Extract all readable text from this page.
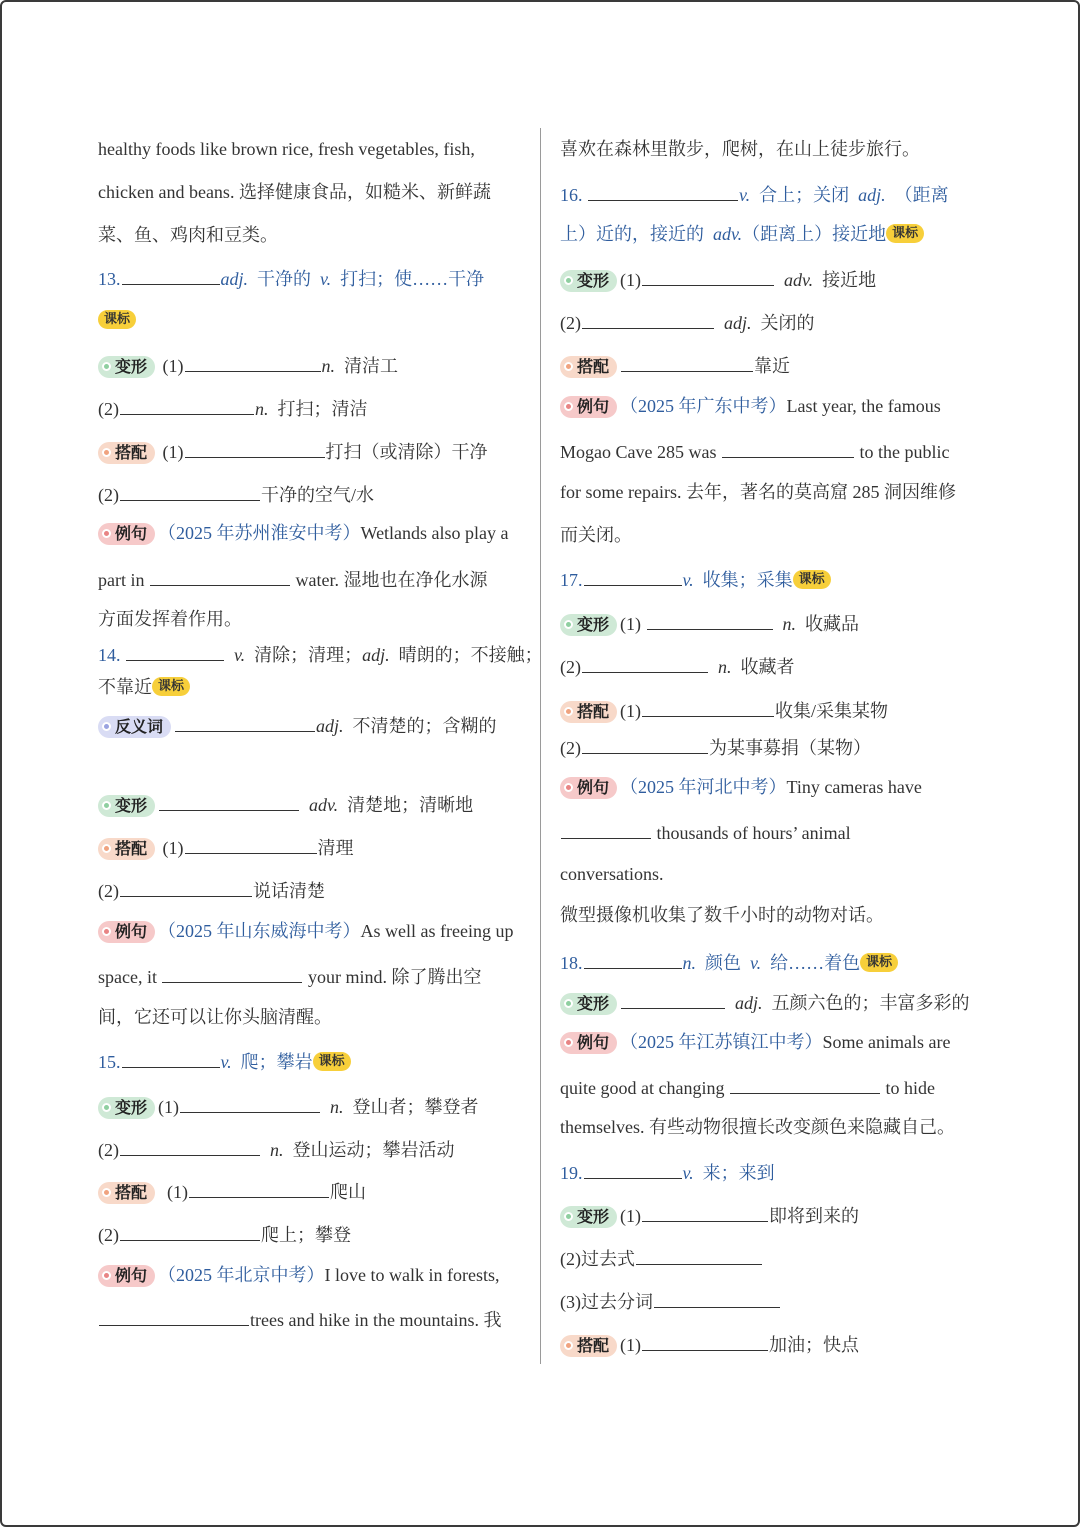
healthy foods like brown rice, fresh vegetables, fish,
chicken and beans. 选择健康食品，如糙米、新鲜蔬
菜、鱼、鸡肉和豆类。
13.	adj. 干净的 v. 打扫；使……干净
课标
变形 (1)	n. 清洁工
(2)	n. 打扫；清洁
搭配 (1)	打扫（或清除）干净
(2)	干净的空气/水
例句 （2025 年苏州淮安中考）Wetlands also play a
part in	water. 湿地也在净化水源
方面发挥着作用。
14.	v. 清除；清理；adj. 晴朗的；不接触；
不靠近 课标
反义词	adj. 不清楚的；含糊的
变形	adv. 清楚地；清晰地
搭配 (1)	清理
(2)	说话清楚
例句 （2025 年山东威海中考）As well as freeing up
space, it	your mind. 除了腾出空
间，它还可以让你头脑清醒。
15.	v. 爬；攀岩 课标
变形 (1)	n. 登山者；攀登者
(2)	n. 登山运动；攀岩活动
搭配 (1)	爬山
(2)	爬上；攀登
例句 （2025 年北京中考）I love to walk in forests,
trees and hike in the mountains. 我
喜欢在森林里散步，爬树，在山上徒步旅行。
16.	v. 合上；关闭 adj. （距离
上）近的，接近的 adv.（距离上）接近地 课标
变形 (1)	adv. 接近地
(2)	adj. 关闭的
搭配	靠近
例句 （2025 年广东中考）Last year, the famous
Mogao Cave 285 was	to the public
for some repairs. 去年，著名的莫高窟 285 洞因维修
而关闭。
17.	v. 收集；采集 课标
变形 (1)	n. 收藏品
(2)	n. 收藏者
搭配 (1)	收集/采集某物
(2)	为某事募捐（某物）
例句 （2025 年河北中考）Tiny cameras have
thousands of hours’ animal
conversations.
微型摄像机收集了数千小时的动物对话。
18.	n. 颜色 v. 给……着色 课标
变形	adj. 五颜六色的；丰富多彩的
例句 （2025 年江苏镇江中考）Some animals are
quite good at changing	to hide
themselves. 有些动物很擅长改变颜色来隐藏自己。
19.	v. 来；来到
变形 (1)	即将到来的
(2)过去式
(3)过去分词
搭配 (1)	加油；快点
